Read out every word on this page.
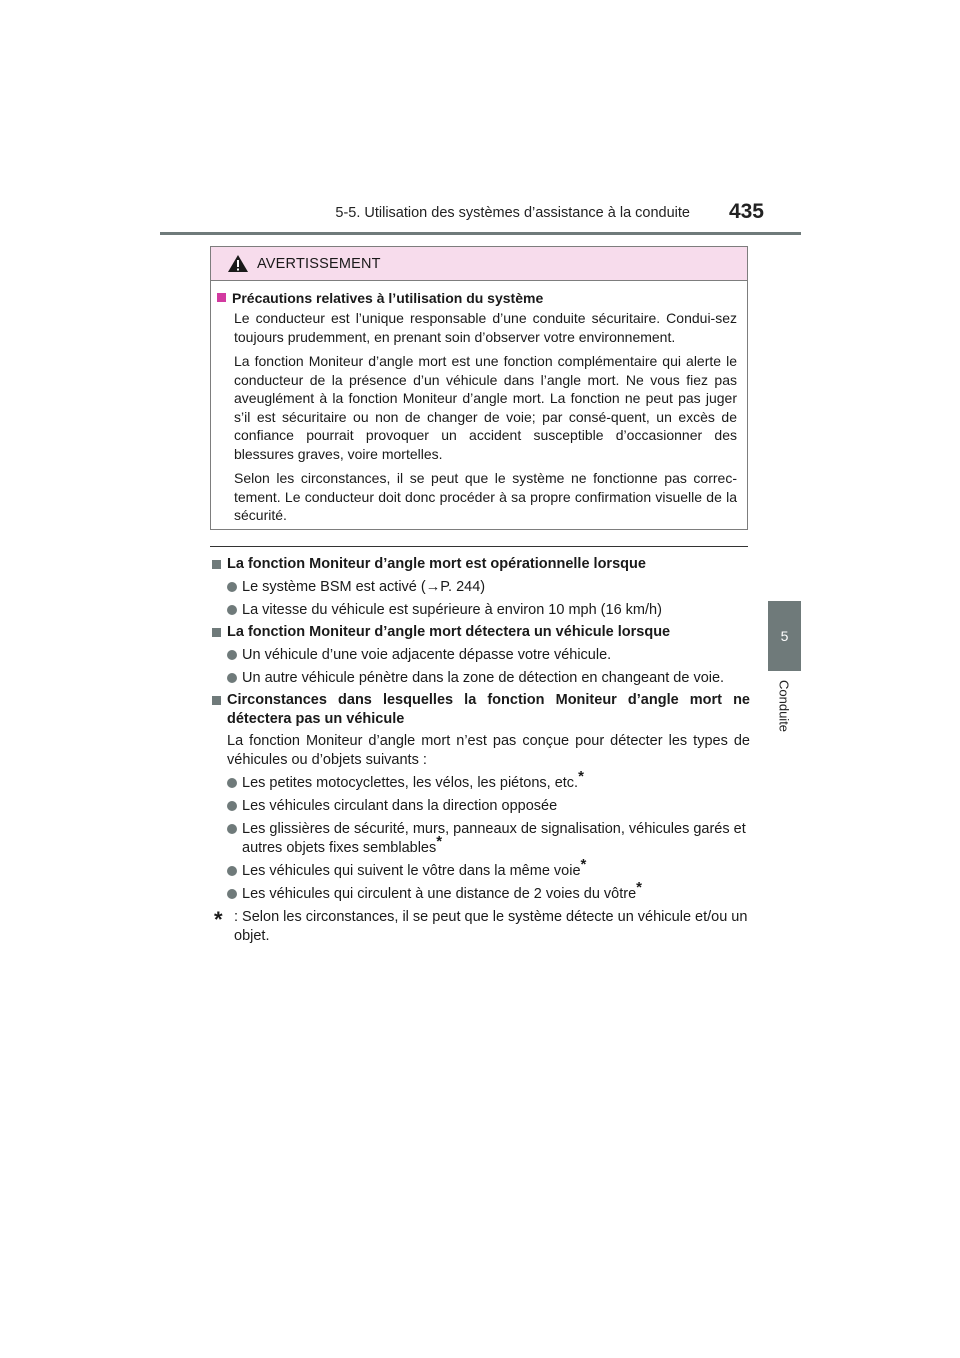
5-5. Utilisation des systèmes d’assistance à la conduite	435
5
Conduite
AVERTISSEMENT
Précautions relatives à l’utilisation du système

Le conducteur est l’unique responsable d’une conduite sécuritaire. Condui-sez toujours prudemment, en prenant soin d’observer votre environnement.

La fonction Moniteur d’angle mort est une fonction complémentaire qui alerte le conducteur de la présence d’un véhicule dans l’angle mort. Ne vous fiez pas aveuglément à la fonction Moniteur d’angle mort. La fonction ne peut pas juger s’il est sécuritaire ou non de changer de voie; par consé-quent, un excès de confiance pourrait provoquer un accident susceptible d’occasionner des blessures graves, voire mortelles.

Selon les circonstances, il se peut que le système ne fonctionne pas correc-tement. Le conducteur doit donc procéder à sa propre confirmation visuelle de la sécurité.

La fonction Moniteur d’angle mort est opérationnelle lorsque
Le système BSM est activé (→P. 244)
La vitesse du véhicule est supérieure à environ 10 mph (16 km/h)
La fonction Moniteur d’angle mort détectera un véhicule lorsque
Un véhicule d’une voie adjacente dépasse votre véhicule.
Un autre véhicule pénètre dans la zone de détection en changeant de voie.
Circonstances dans lesquelles la fonction Moniteur d’angle mort ne détectera pas un véhicule

La fonction Moniteur d’angle mort n’est pas conçue pour détecter les types de véhicules ou d’objets suivants :

Les petites motocyclettes, les vélos, les piétons, etc.*
Les véhicules circulant dans la direction opposée
Les glissières de sécurité, murs, panneaux de signalisation, véhicules garés et autres objets fixes semblables*
Les véhicules qui suivent le vôtre dans la même voie*
Les véhicules qui circulent à une distance de 2 voies du vôtre*
* : Selon les circonstances, il se peut que le système détecte un véhicule et/ou un objet.
